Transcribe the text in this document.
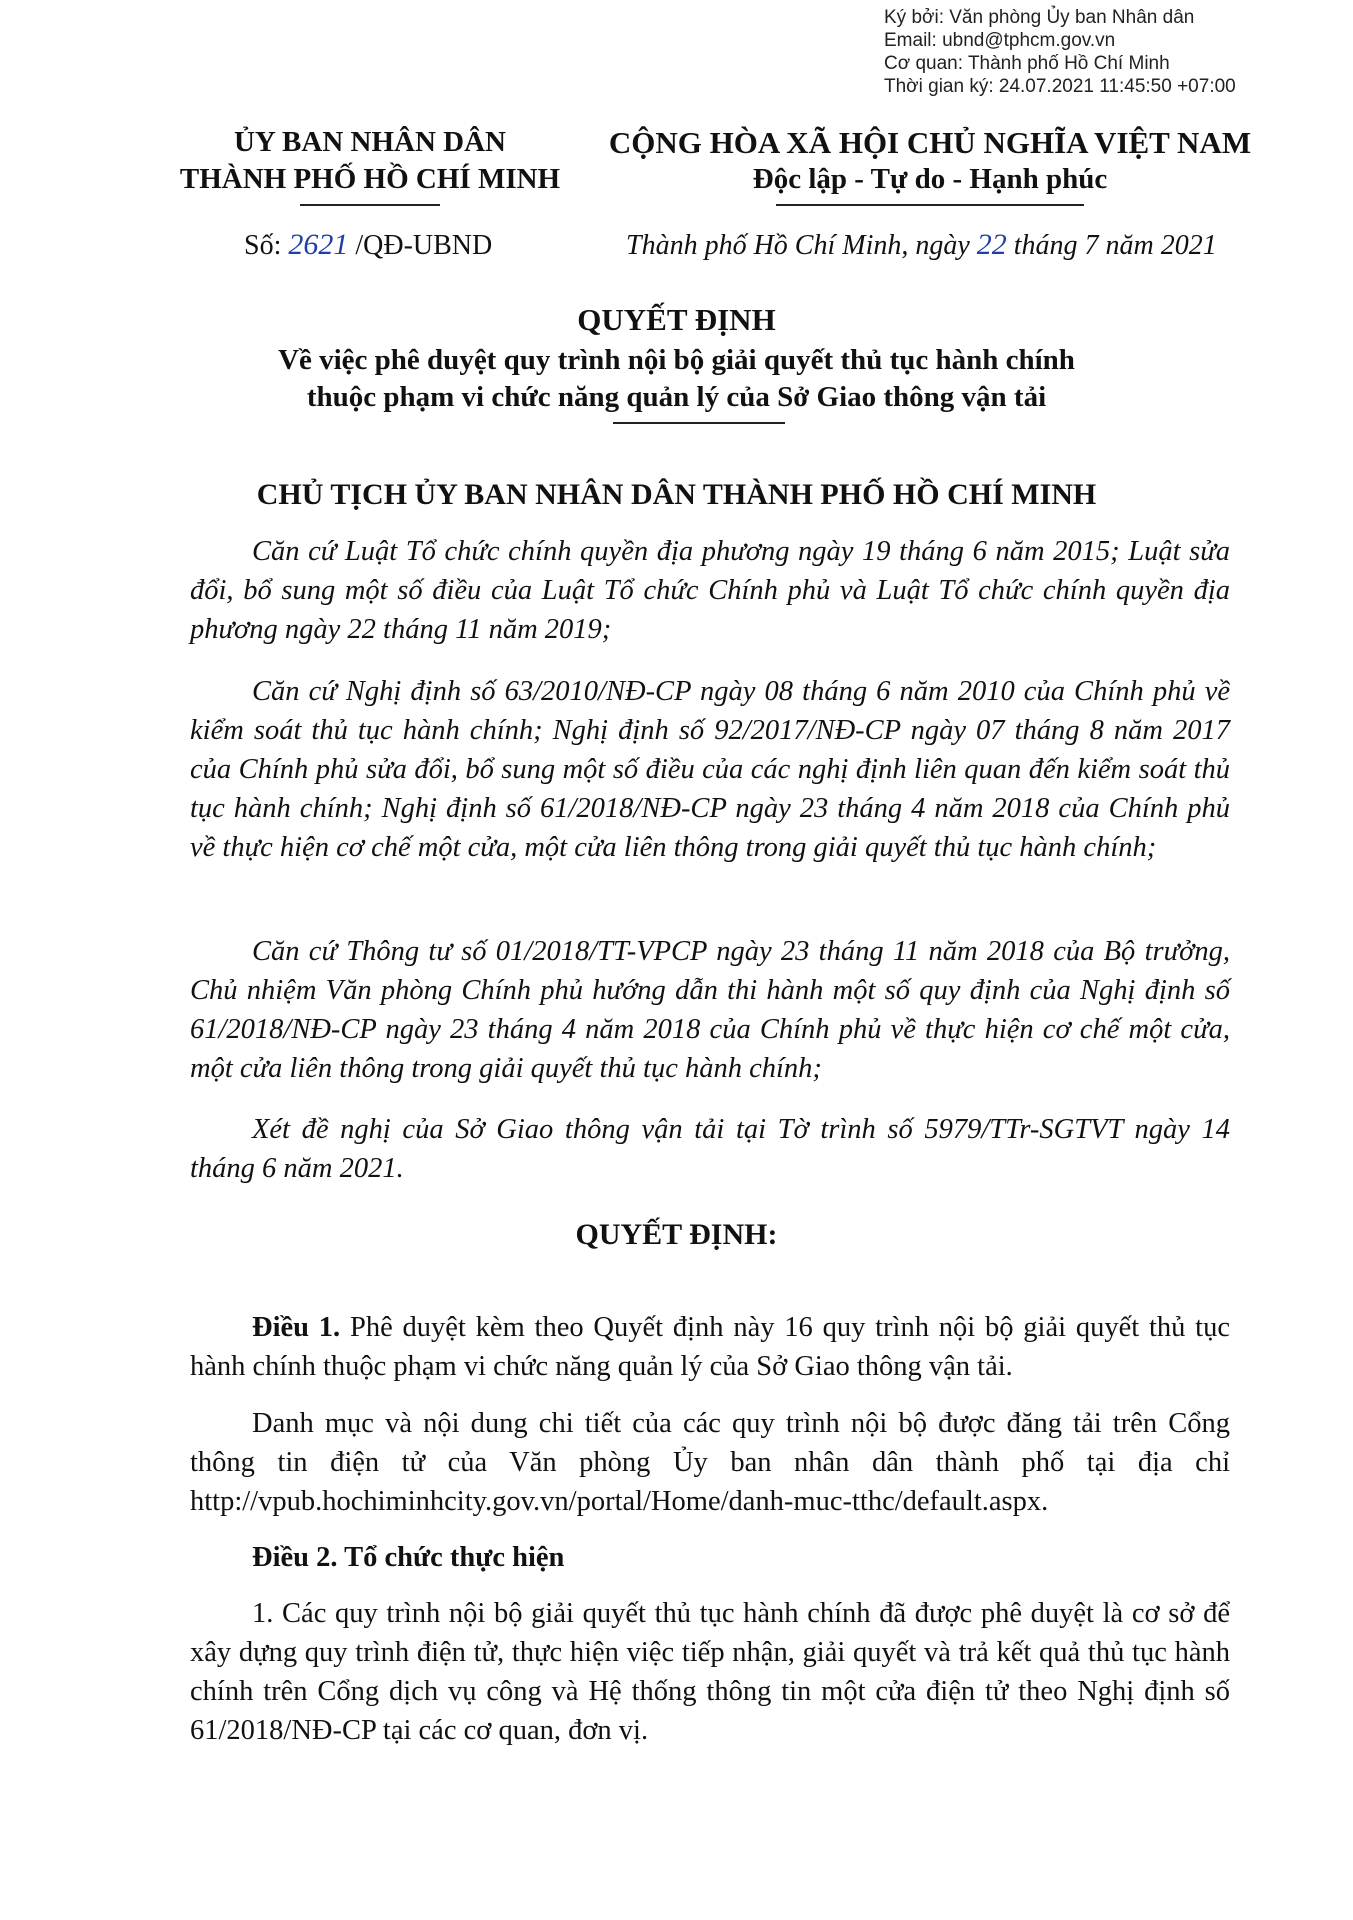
Ký bởi: Văn phòng Ủy ban Nhân dân
Email: ubnd@tphcm.gov.vn
Cơ quan: Thành phố Hồ Chí Minh
Thời gian ký: 24.07.2021 11:45:50 +07:00
ỦY BAN NHÂN DÂN
THÀNH PHỐ HỒ CHÍ MINH
CỘNG HÒA XÃ HỘI CHỦ NGHĨA VIỆT NAM
Độc lập - Tự do - Hạnh phúc
Số: 2621 /QĐ-UBND	Thành phố Hồ Chí Minh, ngày 22 tháng 7 năm 2021
QUYẾT ĐỊNH
Về việc phê duyệt quy trình nội bộ giải quyết thủ tục hành chính
thuộc phạm vi chức năng quản lý của Sở Giao thông vận tải
CHỦ TỊCH ỦY BAN NHÂN DÂN THÀNH PHỐ HỒ CHÍ MINH
Căn cứ Luật Tổ chức chính quyền địa phương ngày 19 tháng 6 năm 2015; Luật sửa đổi, bổ sung một số điều của Luật Tổ chức Chính phủ và Luật Tổ chức chính quyền địa phương ngày 22 tháng 11 năm 2019;
Căn cứ Nghị định số 63/2010/NĐ-CP ngày 08 tháng 6 năm 2010 của Chính phủ về kiểm soát thủ tục hành chính; Nghị định số 92/2017/NĐ-CP ngày 07 tháng 8 năm 2017 của Chính phủ sửa đổi, bổ sung một số điều của các nghị định liên quan đến kiểm soát thủ tục hành chính; Nghị định số 61/2018/NĐ-CP ngày 23 tháng 4 năm 2018 của Chính phủ về thực hiện cơ chế một cửa, một cửa liên thông trong giải quyết thủ tục hành chính;
Căn cứ Thông tư số 01/2018/TT-VPCP ngày 23 tháng 11 năm 2018 của Bộ trưởng, Chủ nhiệm Văn phòng Chính phủ hướng dẫn thi hành một số quy định của Nghị định số 61/2018/NĐ-CP ngày 23 tháng 4 năm 2018 của Chính phủ về thực hiện cơ chế một cửa, một cửa liên thông trong giải quyết thủ tục hành chính;
Xét đề nghị của Sở Giao thông vận tải tại Tờ trình số 5979/TTr-SGTVT ngày 14 tháng 6 năm 2021.
QUYẾT ĐỊNH:
Điều 1. Phê duyệt kèm theo Quyết định này 16 quy trình nội bộ giải quyết thủ tục hành chính thuộc phạm vi chức năng quản lý của Sở Giao thông vận tải.
Danh mục và nội dung chi tiết của các quy trình nội bộ được đăng tải trên Cổng thông tin điện tử của Văn phòng Ủy ban nhân dân thành phố tại địa chỉ http://vpub.hochiminhcity.gov.vn/portal/Home/danh-muc-tthc/default.aspx.
Điều 2. Tổ chức thực hiện
1. Các quy trình nội bộ giải quyết thủ tục hành chính đã được phê duyệt là cơ sở để xây dựng quy trình điện tử, thực hiện việc tiếp nhận, giải quyết và trả kết quả thủ tục hành chính trên Cổng dịch vụ công và Hệ thống thông tin một cửa điện tử theo Nghị định số 61/2018/NĐ-CP tại các cơ quan, đơn vị.
